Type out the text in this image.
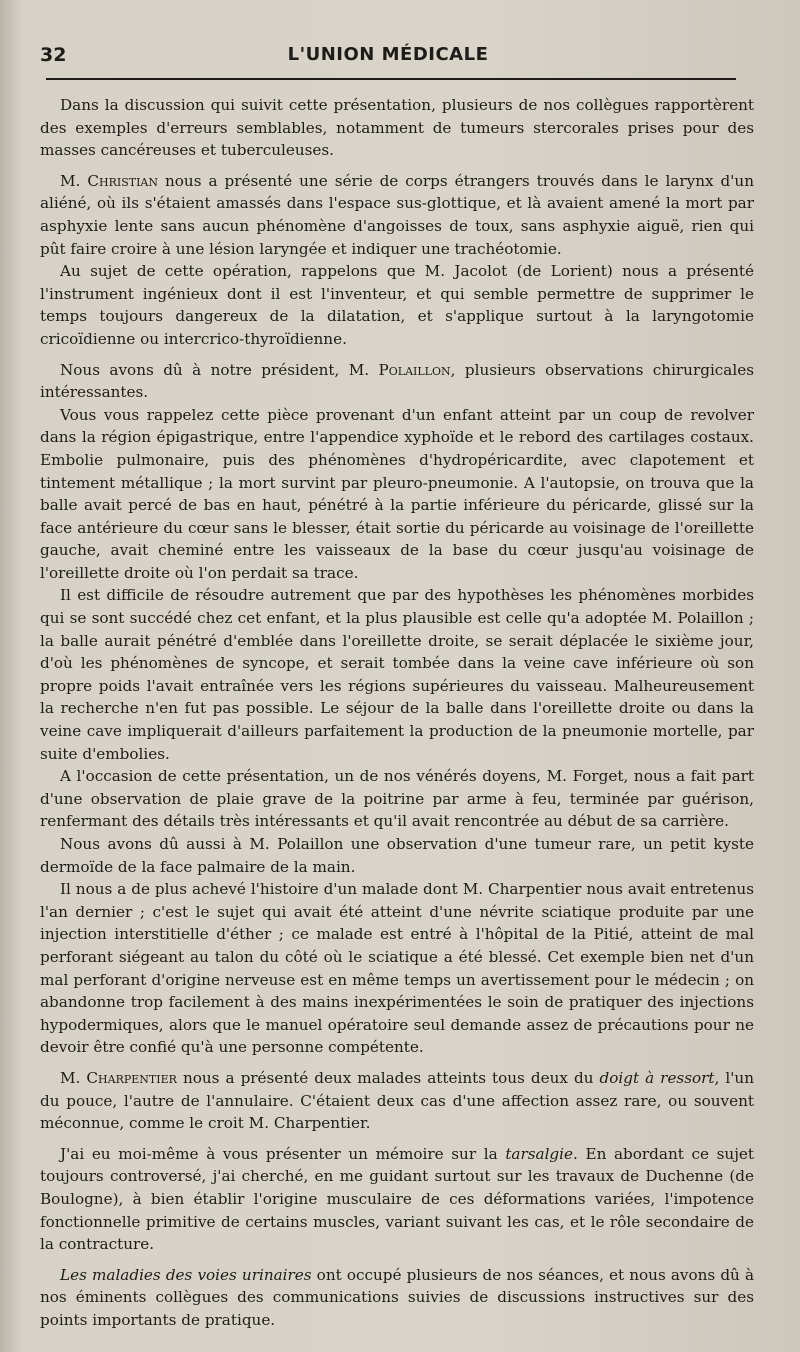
32	L'UNION MÉDICALE

Dans la discussion qui suivit cette présentation, plusieurs de nos collègues rapportèrent des exemples d'erreurs semblables, notamment de tumeurs stercorales prises pour des masses cancéreuses et tuberculeuses.

M. Christian nous a présenté une série de corps étrangers trouvés dans le larynx d'un aliéné, où ils s'étaient amassés dans l'espace sus-glottique, et là avaient amené la mort par asphyxie lente sans aucun phénomène d'angoisses de toux, sans asphyxie aiguë, rien qui pût faire croire à une lésion laryngée et indiquer une trachéotomie.

Au sujet de cette opération, rappelons que M. Jacolot (de Lorient) nous a présenté l'instrument ingénieux dont il est l'inventeur, et qui semble permettre de supprimer le temps toujours dangereux de la dilatation, et s'applique surtout à la laryngotomie cricoïdienne ou intercrico-thyroïdienne.

Nous avons dû à notre président, M. Polaillon, plusieurs observations chirurgicales intéressantes.

Vous vous rappelez cette pièce provenant d'un enfant atteint par un coup de revolver dans la région épigastrique, entre l'appendice xyphoïde et le rebord des cartilages costaux. Embolie pulmonaire, puis des phénomènes d'hydropéricardite, avec clapotement et tintement métallique ; la mort survint par pleuro-pneumonie. A l'autopsie, on trouva que la balle avait percé de bas en haut, pénétré à la partie inférieure du péricarde, glissé sur la face antérieure du cœur sans le blesser, était sortie du péricarde au voisinage de l'oreillette gauche, avait cheminé entre les vaisseaux de la base du cœur jusqu'au voisinage de l'oreillette droite où l'on perdait sa trace.

Il est difficile de résoudre autrement que par des hypothèses les phénomènes morbides qui se sont succédé chez cet enfant, et la plus plausible est celle qu'a adoptée M. Polaillon ; la balle aurait pénétré d'emblée dans l'oreillette droite, se serait déplacée le sixième jour, d'où les phénomènes de syncope, et serait tombée dans la veine cave inférieure où son propre poids l'avait entraînée vers les régions supérieures du vaisseau. Malheureusement la recherche n'en fut pas possible. Le séjour de la balle dans l'oreillette droite ou dans la veine cave impliquerait d'ailleurs parfaitement la production de la pneumonie mortelle, par suite d'embolies.

A l'occasion de cette présentation, un de nos vénérés doyens, M. Forget, nous a fait part d'une observation de plaie grave de la poitrine par arme à feu, terminée par guérison, renfermant des détails très intéressants et qu'il avait rencontrée au début de sa carrière.

Nous avons dû aussi à M. Polaillon une observation d'une tumeur rare, un petit kyste dermoïde de la face palmaire de la main.

Il nous a de plus achevé l'histoire d'un malade dont M. Charpentier nous avait entretenus l'an dernier ; c'est le sujet qui avait été atteint d'une névrite sciatique produite par une injection interstitielle d'éther ; ce malade est entré à l'hôpital de la Pitié, atteint de mal perforant siégeant au talon du côté où le sciatique a été blessé. Cet exemple bien net d'un mal perforant d'origine nerveuse est en même temps un avertissement pour le médecin ; on abandonne trop facilement à des mains inexpérimentées le soin de pratiquer des injections hypodermiques, alors que le manuel opératoire seul demande assez de précautions pour ne devoir être confié qu'à une personne compétente.

M. Charpentier nous a présenté deux malades atteints tous deux du doigt à ressort, l'un du pouce, l'autre de l'annulaire. C'étaient deux cas d'une affection assez rare, ou souvent méconnue, comme le croit M. Charpentier.

J'ai eu moi-même à vous présenter un mémoire sur la tarsalgie. En abordant ce sujet toujours controversé, j'ai cherché, en me guidant surtout sur les travaux de Duchenne (de Boulogne), à bien établir l'origine musculaire de ces déformations variées, l'impotence fonctionnelle primitive de certains muscles, variant suivant les cas, et le rôle secondaire de la contracture.

Les maladies des voies urinaires ont occupé plusieurs de nos séances, et nous avons dû à nos éminents collègues des communications suivies de discussions instructives sur des points importants de pratique.
